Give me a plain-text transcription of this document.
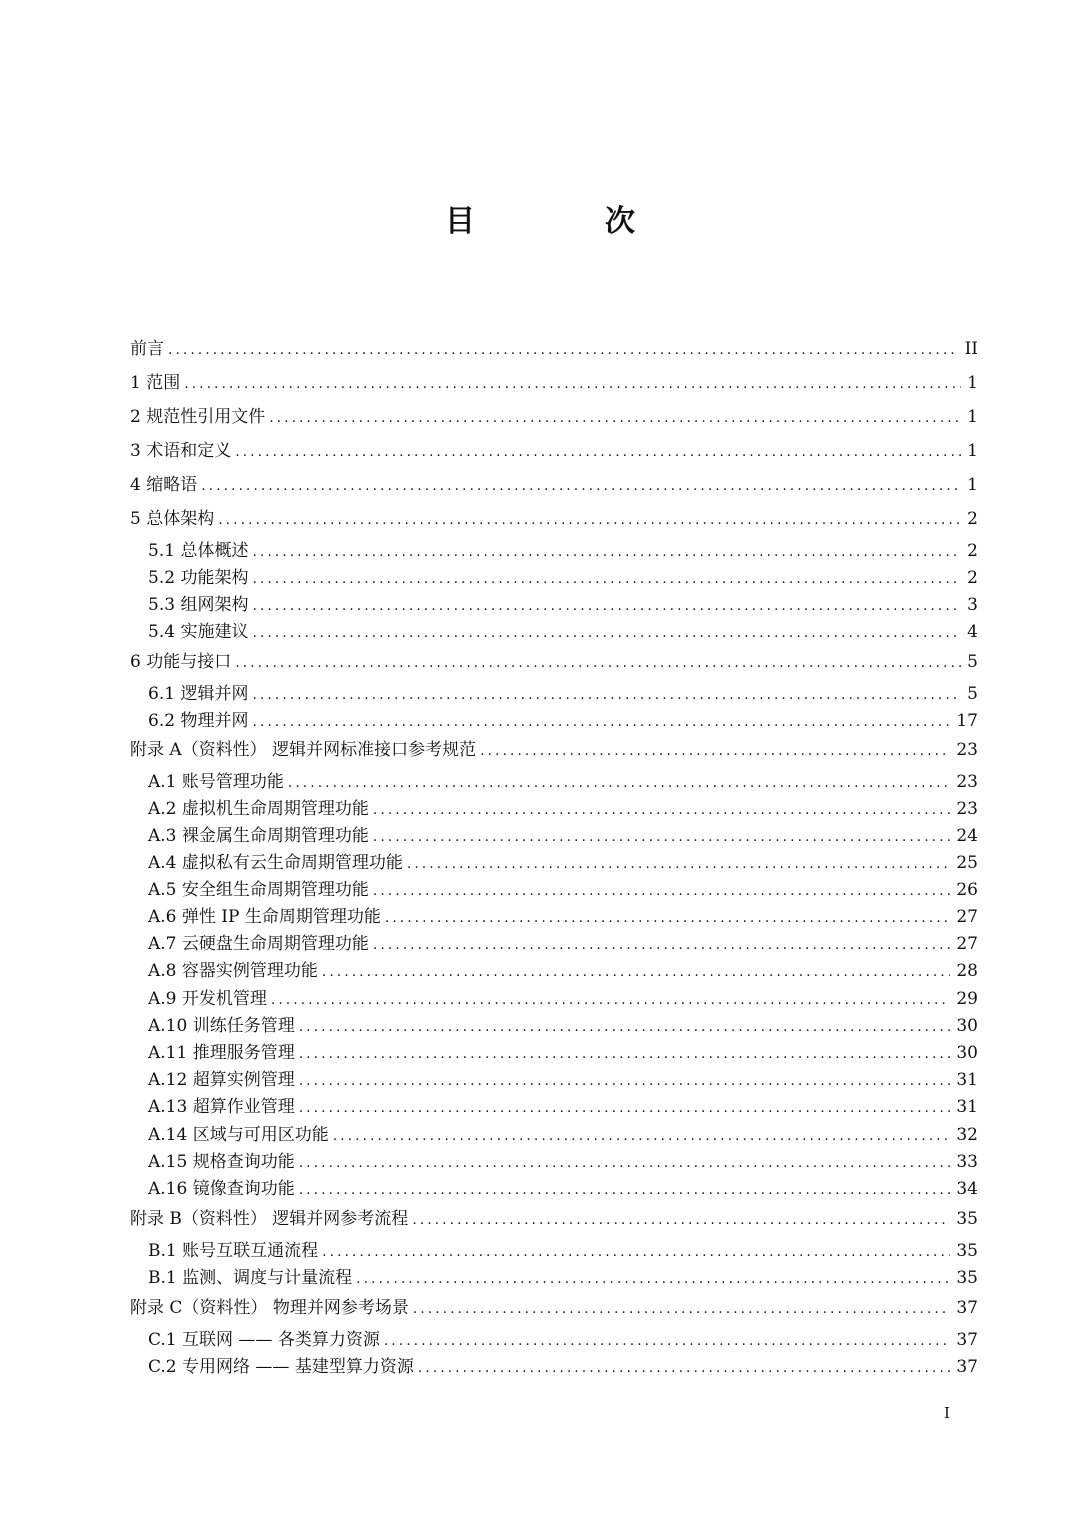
目　次
前言 .....	II
1 范围 .....	1
2 规范性引用文件 .....	1
3 术语和定义 .....	1
4 缩略语 .....	1
5 总体架构 .....	2
5.1 总体概述 .....	2
5.2 功能架构 .....	2
5.3 组网架构 .....	3
5.4 实施建议 .....	4
6 功能与接口 .....	5
6.1 逻辑并网 .....	5
6.2 物理并网 .....	17
附录 A（资料性） 逻辑并网标准接口参考规范 .....	23
A.1 账号管理功能 .....	23
A.2 虚拟机生命周期管理功能 .....	23
A.3 裸金属生命周期管理功能 .....	24
A.4 虚拟私有云生命周期管理功能 .....	25
A.5 安全组生命周期管理功能 .....	26
A.6 弹性 IP 生命周期管理功能 .....	27
A.7 云硬盘生命周期管理功能 .....	27
A.8 容器实例管理功能 .....	28
A.9 开发机管理 .....	29
A.10 训练任务管理 .....	30
A.11 推理服务管理 .....	30
A.12 超算实例管理 .....	31
A.13 超算作业管理 .....	31
A.14 区域与可用区功能 .....	32
A.15 规格查询功能 .....	33
A.16 镜像查询功能 .....	34
附录 B（资料性） 逻辑并网参考流程 .....	35
B.1 账号互联互通流程 .....	35
B.1 监测、调度与计量流程 .....	35
附录 C（资料性） 物理并网参考场景 .....	37
C.1 互联网 —— 各类算力资源 .....	37
C.2 专用网络 —— 基建型算力资源 .....	37
I
